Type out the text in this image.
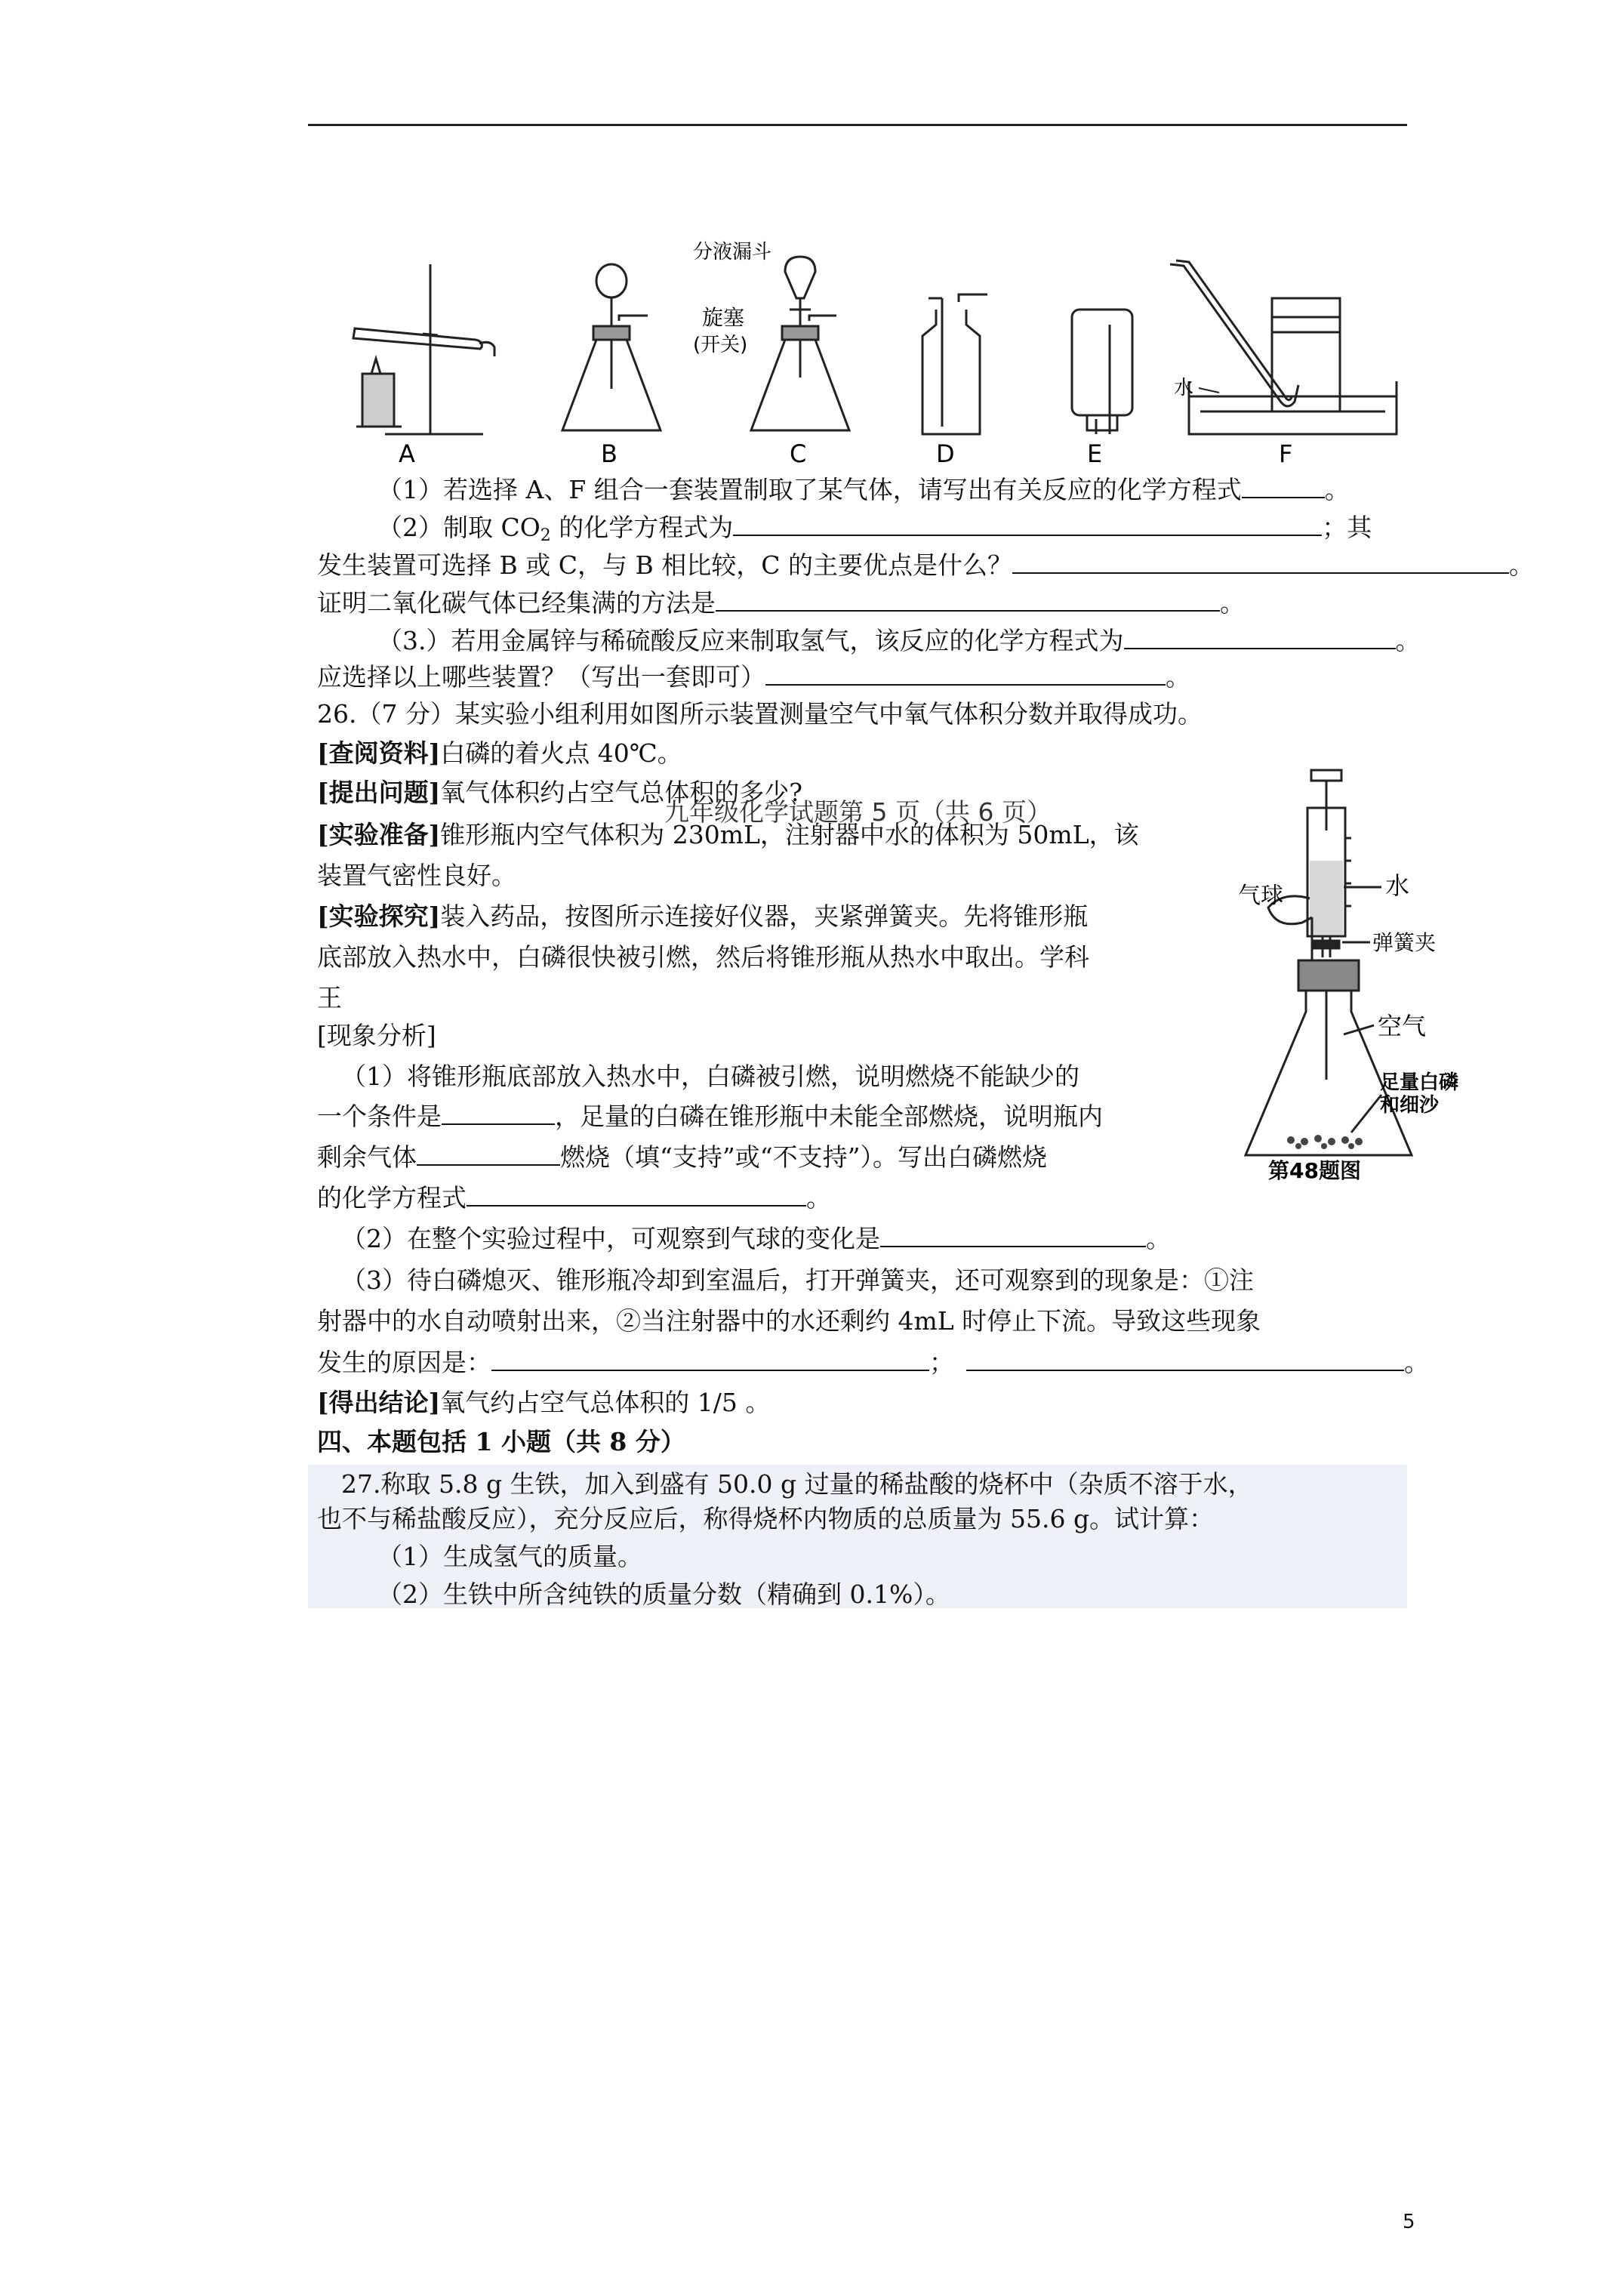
A	B	C	D	E	F
分液漏斗
旋塞
(开关)
水
（1）若选择 A、F 组合一套装置制取了某气体，请写出有关反应的化学方程式	。
（2）制取 $CO_2$ 的化学方程式为	；其
发生装置可选择 B 或 C，与 B 相比较，C 的主要优点是什么？	。
证明二氧化碳气体已经集满的方法是	。
（3.）若用金属锌与稀硫酸反应来制取氢气，该反应的化学方程式为	。
应选择以上哪些装置？（写出一套即可）	。
26.（7 分）某实验小组利用如图所示装置测量空气中氧气体积分数并取得成功。
[查阅资料]白磷的着火点 40℃。
[提出问题]氧气体积约占空气总体积的多少?
九年级化学试题第 5 页（共 6 页）
[实验准备]锥形瓶内空气体积为 230mL，注射器中水的体积为 50mL，该
装置气密性良好。
[实验探究]装入药品，按图所示连接好仪器，夹紧弹簧夹。先将锥形瓶
底部放入热水中，白磷很快被引燃，然后将锥形瓶从热水中取出。学科
王
[现象分析]
（1）将锥形瓶底部放入热水中，白磷被引燃，说明燃烧不能缺少的
一个条件是	，足量的白磷在锥形瓶中未能全部燃烧，说明瓶内
剩余气体	燃烧（填“支持”或“不支持”）。写出白磷燃烧
的化学方程式	。
（2）在整个实验过程中，可观察到气球的变化是	。
（3）待白磷熄灭、锥形瓶冷却到室温后，打开弹簧夹，还可观察到的现象是：①注
射器中的水自动喷射出来，②当注射器中的水还剩约 4mL 时停止下流。导致这些现象
发生的原因是：	；	。
[得出结论]氧气约占空气总体积的 1/5 。
气球	水
弹簧夹
空气
足量白磷
和细沙
第48题图
四、本题包括 1 小题（共 8 分）
27.称取 5.8 g 生铁，加入到盛有 50.0 g 过量的稀盐酸的烧杯中（杂质不溶于水，
也不与稀盐酸反应），充分反应后，称得烧杯内物质的总质量为 55.6 g。试计算：
（1）生成氢气的质量。
（2）生铁中所含纯铁的质量分数（精确到 0.1%）。
5
